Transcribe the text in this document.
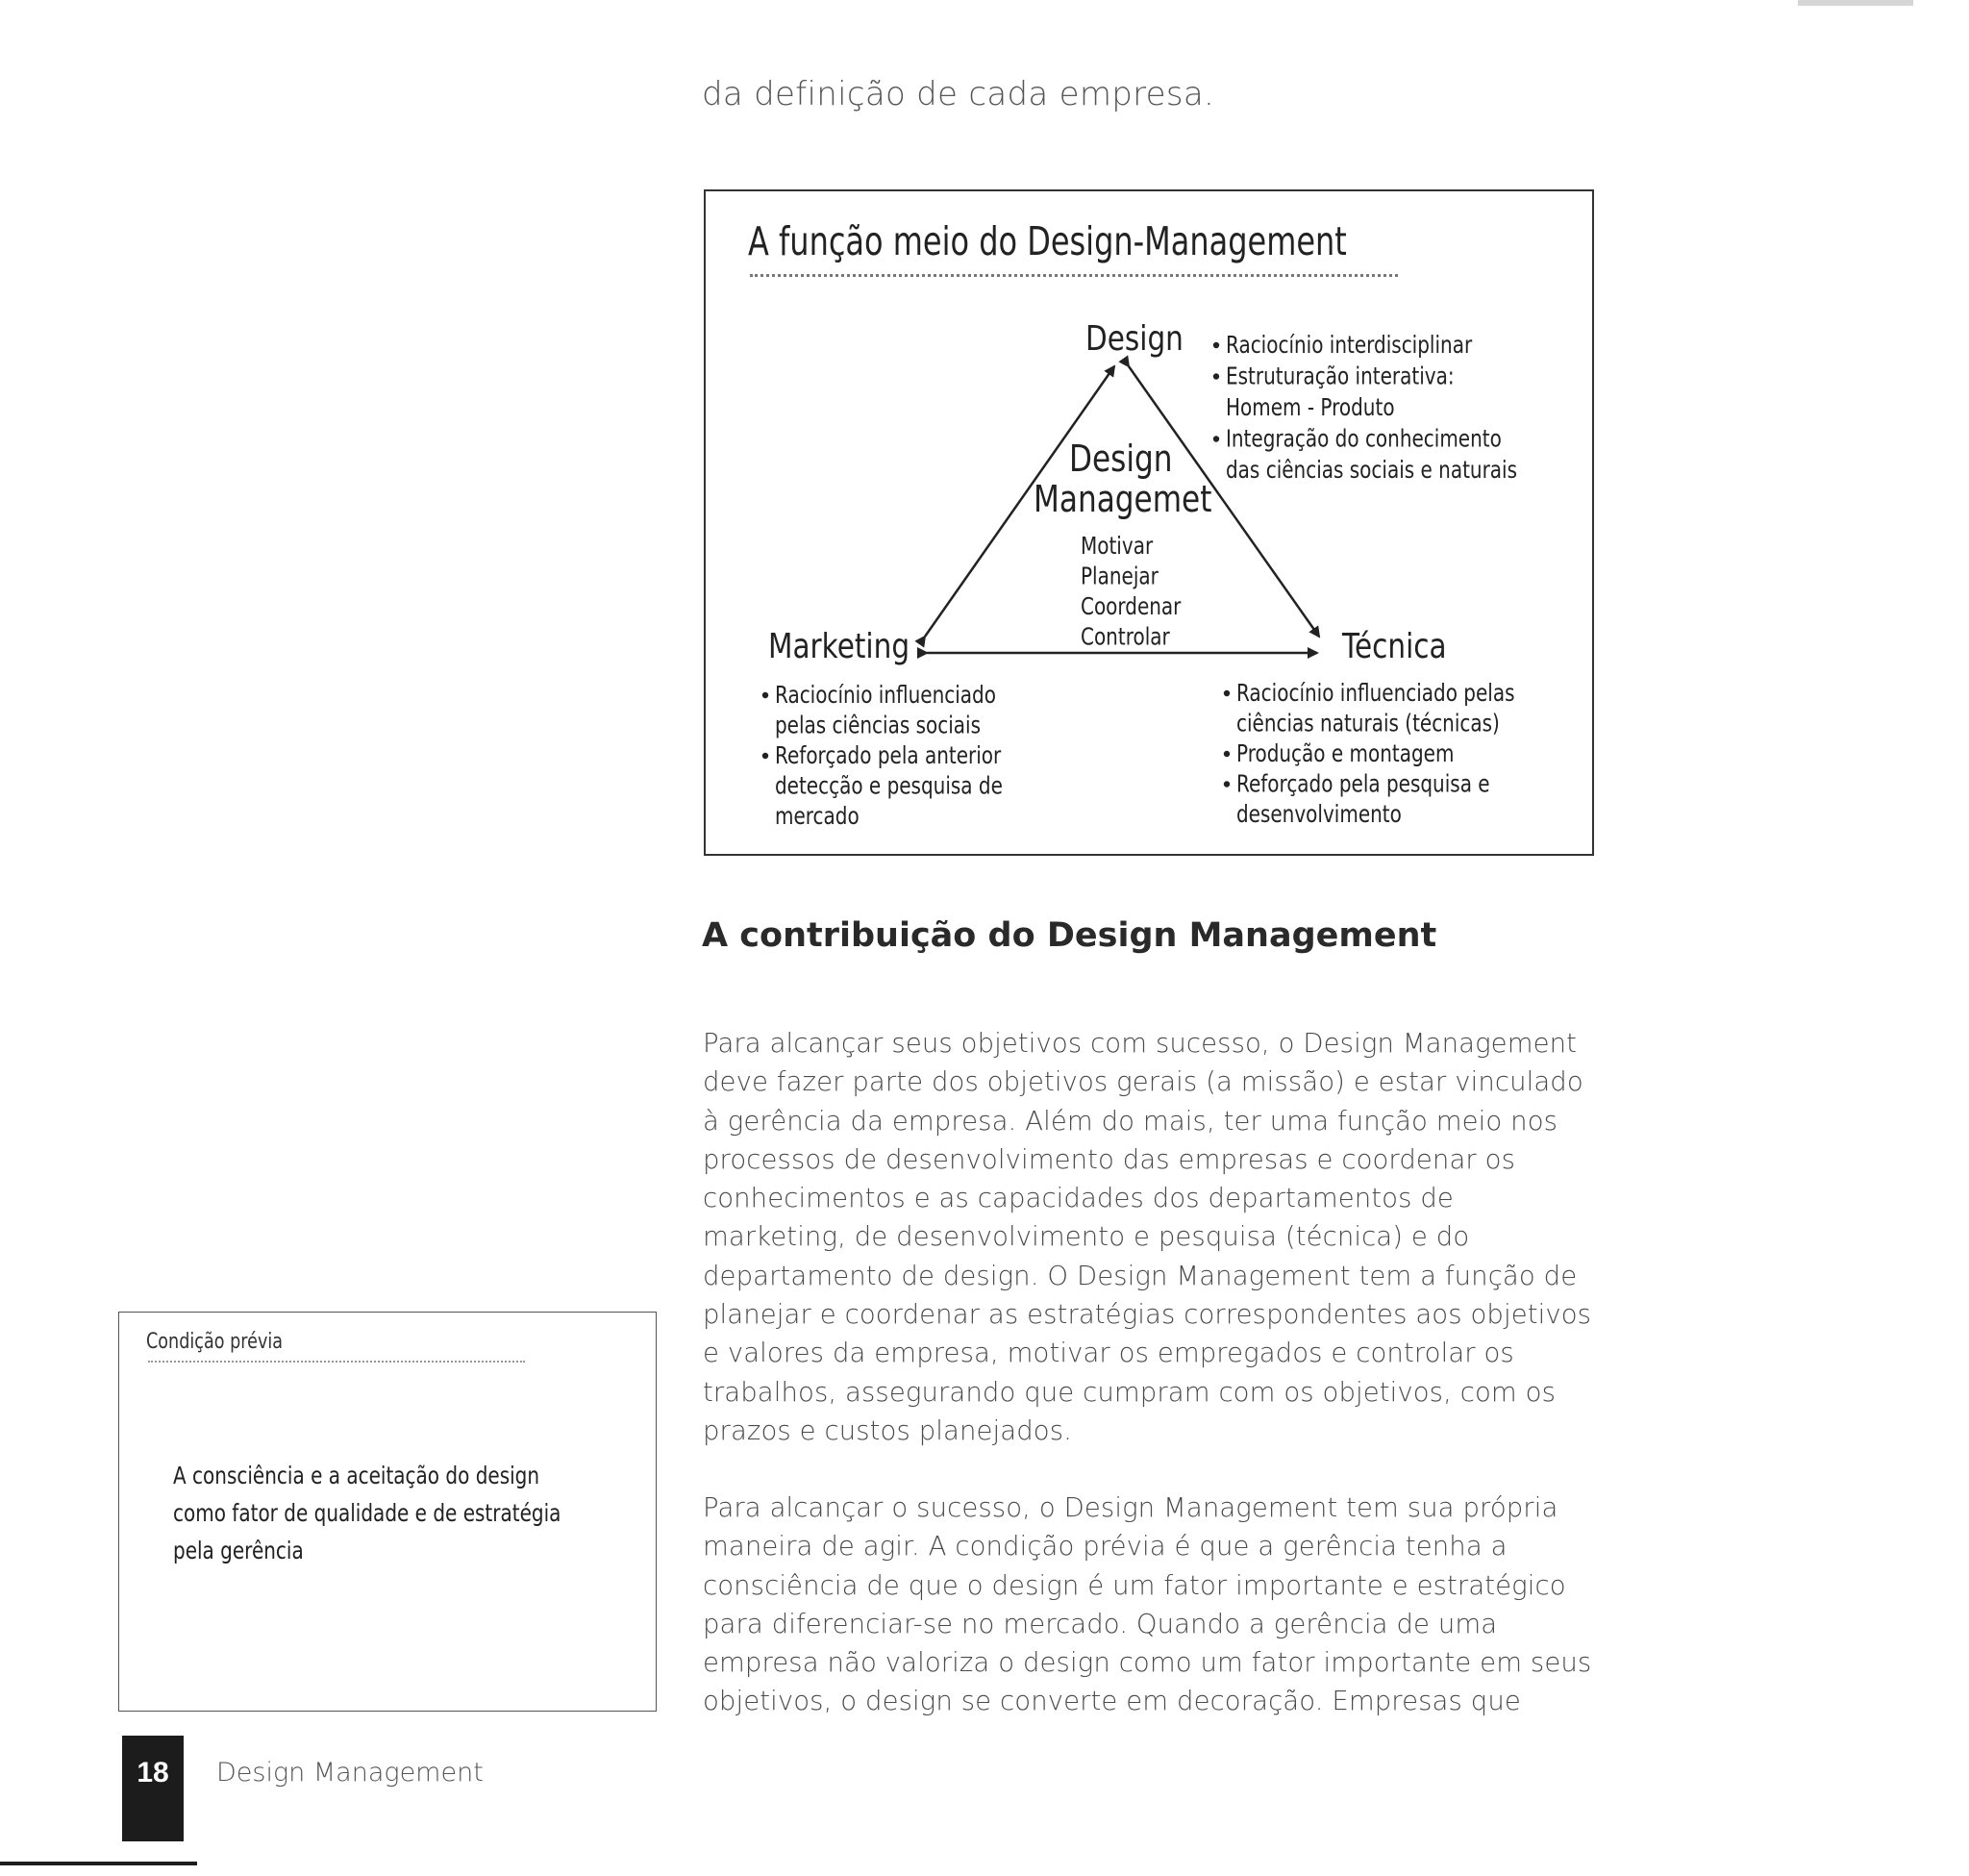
da definição de cada empresa.

A função meio do Design-Management
Design
Marketing	Técnica
Design
Managemet
Motivar
Planejar
Coordenar
Controlar
Raciocínio interdisciplinar
Estruturação interativa:
Homem - Produto
Integração do conhecimento
das ciências sociais e naturais
Raciocínio influenciado
pelas ciências sociais
Reforçado pela anterior
detecção e pesquisa de
mercado
Raciocínio influenciado pelas
ciências naturais (técnicas)
Produção e montagem
Reforçado pela pesquisa e
desenvolvimento
A contribuição do Design Management

Para alcançar seus objetivos com sucesso, o Design Management deve fazer parte dos objetivos gerais (a missão) e estar vinculado à gerência da empresa. Além do mais, ter uma função meio nos processos de desenvolvimento das empresas e coordenar os conhecimentos e as capacidades dos departamentos de marketing, de desenvolvimento e pesquisa (técnica) e do departamento de design. O Design Management tem a função de planejar e coordenar as estratégias correspondentes aos objetivos e valores da empresa, motivar os empregados e controlar os trabalhos, assegurando que cumpram com os objetivos, com os prazos e custos planejados.

Para alcançar o sucesso, o Design Management tem sua própria maneira de agir. A condição prévia é que a gerência tenha a consciência de que o design é um fator importante e estratégico para diferenciar-se no mercado. Quando a gerência de uma empresa não valoriza o design como um fator importante em seus objetivos, o design se converte em decoração. Empresas que

Condição prévia

A consciência e a aceitação do design como fator de qualidade e de estratégia pela gerência

18 Design Management
